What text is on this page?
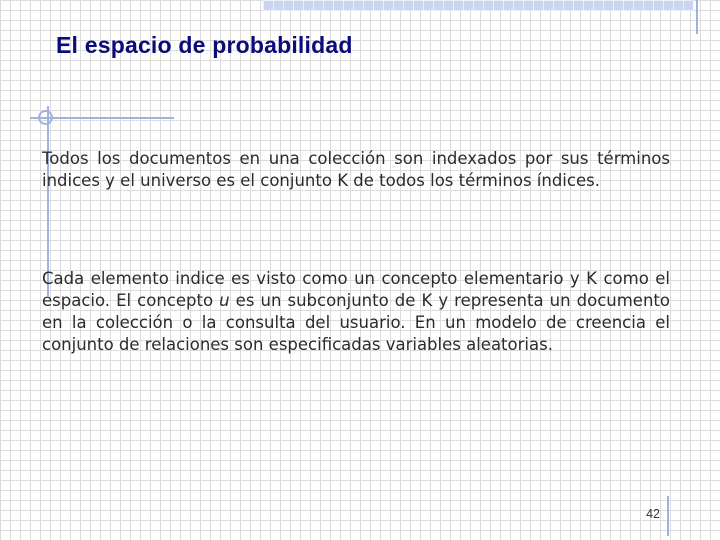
El espacio de probabilidad

Todos los documentos en una colección son indexados por sus términos indices y el universo es el conjunto K de todos los términos índices.

Cada elemento indice es visto como un concepto elementario y K como el espacio. El concepto u es un subconjunto de K y representa un documento en la colección o la consulta del usuario. En un modelo de creencia el conjunto de relaciones son especificadas variables aleatorias.

42
